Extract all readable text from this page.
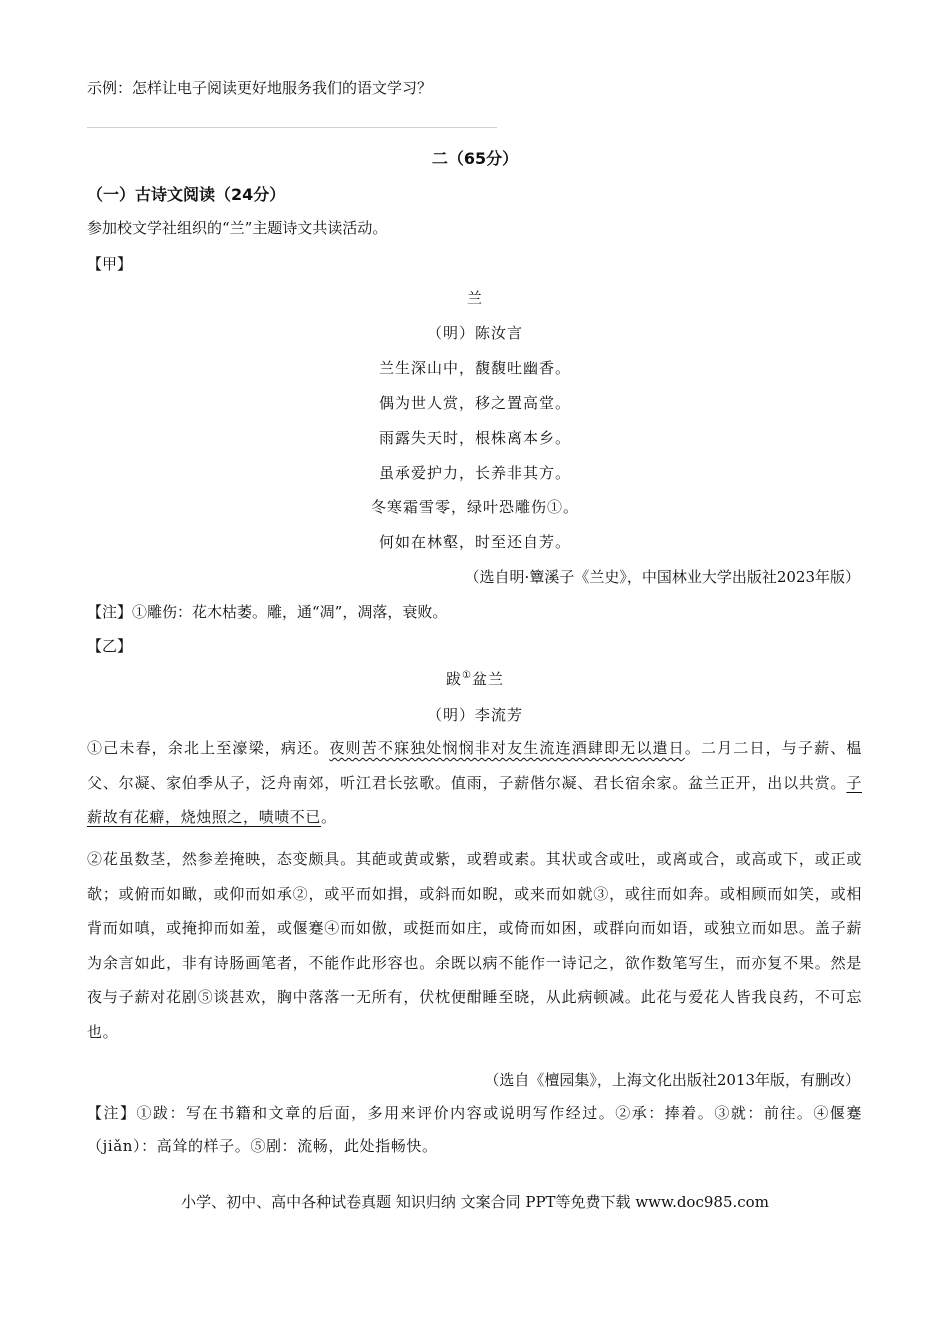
示例：怎样让电子阅读更好地服务我们的语文学习？
二（65分）
（一）古诗文阅读（24分）
参加校文学社组织的“兰”主题诗文共读活动。
【甲】
兰
（明）陈汝言
兰生深山中，馥馥吐幽香。
偶为世人赏，移之置高堂。
雨露失天时，根株离本乡。
虽承爱护力，长养非其方。
冬寒霜雪零，绿叶恐雕伤①。
何如在林壑，时至还自芳。
（选自明·簟溪子《兰史》，中国林业大学出版社2023年版）
【注】①雕伤：花木枯萎。雕，通“凋”，凋落，衰败。
【乙】
跋①盆兰
（明）李流芳
①己未春，余北上至濠梁，病还。夜则苦不寐独处悯悯非对友生流连酒肆即无以遣日。二月二日，与子薪、榅父、尔凝、家伯季从子，泛舟南郊，听江君长弦歌。值雨，子薪偕尔凝、君长宿余家。盆兰正开，出以共赏。子薪故有花癖，烧烛照之，啧啧不已。
②花虽数茎，然参差掩映，态变颇具。其葩或黄或紫，或碧或素。其状或含或吐，或离或合，或高或下，或正或欹；或俯而如瞰，或仰而如承②，或平而如揖，或斜而如睨，或来而如就③，或往而如奔。或相顾而如笑，或相背而如嗔，或掩抑而如羞，或偃蹇④而如傲，或挺而如庄，或倚而如困，或群向而如语，或独立而如思。盖子薪为余言如此，非有诗肠画笔者，不能作此形容也。余既以病不能作一诗记之，欲作数笔写生，而亦复不果。然是夜与子薪对花剧⑤谈甚欢，胸中落落一无所有，伏枕便酣睡至晓，从此病顿减。此花与爱花人皆我良药，不可忘也。
（选自《檀园集》，上海文化出版社2013年版，有删改）
【注】①跋：写在书籍和文章的后面，多用来评价内容或说明写作经过。②承：捧着。③就：前往。④偃蹇（jiǎn）：高耸的样子。⑤剧：流畅，此处指畅快。
小学、初中、高中各种试卷真题 知识归纳 文案合同 PPT等免费下载 www.doc985.com
